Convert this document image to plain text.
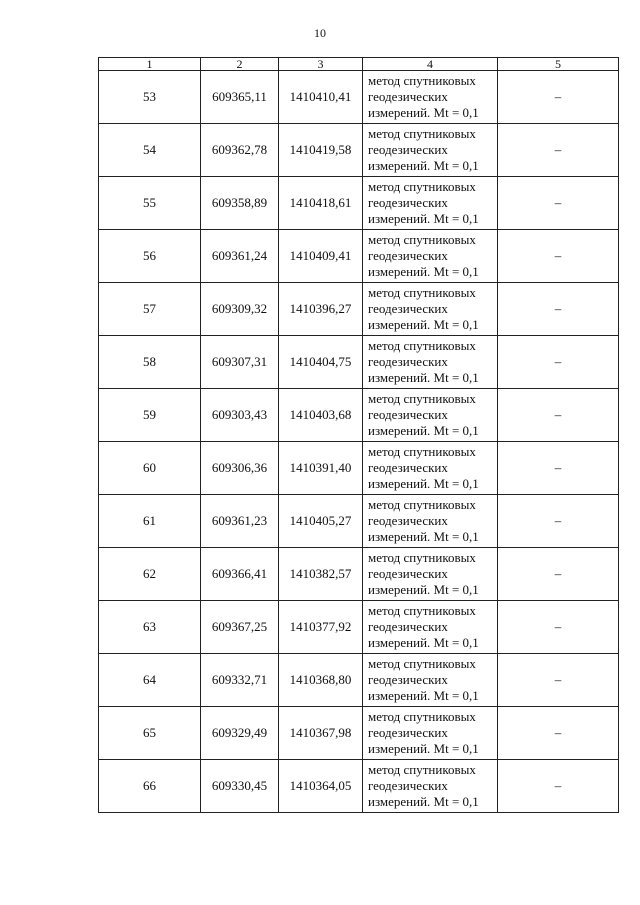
10
1	2	3	4	5
53	609365,11	1410410,41	метод спутниковых
геодезических
измерений. Mt = 0,1	–
54	609362,78	1410419,58	метод спутниковых
геодезических
измерений. Mt = 0,1	–
55	609358,89	1410418,61	метод спутниковых
геодезических
измерений. Mt = 0,1	–
56	609361,24	1410409,41	метод спутниковых
геодезических
измерений. Mt = 0,1	–
57	609309,32	1410396,27	метод спутниковых
геодезических
измерений. Mt = 0,1	–
58	609307,31	1410404,75	метод спутниковых
геодезических
измерений. Mt = 0,1	–
59	609303,43	1410403,68	метод спутниковых
геодезических
измерений. Mt = 0,1	–
60	609306,36	1410391,40	метод спутниковых
геодезических
измерений. Mt = 0,1	–
61	609361,23	1410405,27	метод спутниковых
геодезических
измерений. Mt = 0,1	–
62	609366,41	1410382,57	метод спутниковых
геодезических
измерений. Mt = 0,1	–
63	609367,25	1410377,92	метод спутниковых
геодезических
измерений. Mt = 0,1	–
64	609332,71	1410368,80	метод спутниковых
геодезических
измерений. Mt = 0,1	–
65	609329,49	1410367,98	метод спутниковых
геодезических
измерений. Mt = 0,1	–
66	609330,45	1410364,05	метод спутниковых
геодезических
измерений. Mt = 0,1	–
